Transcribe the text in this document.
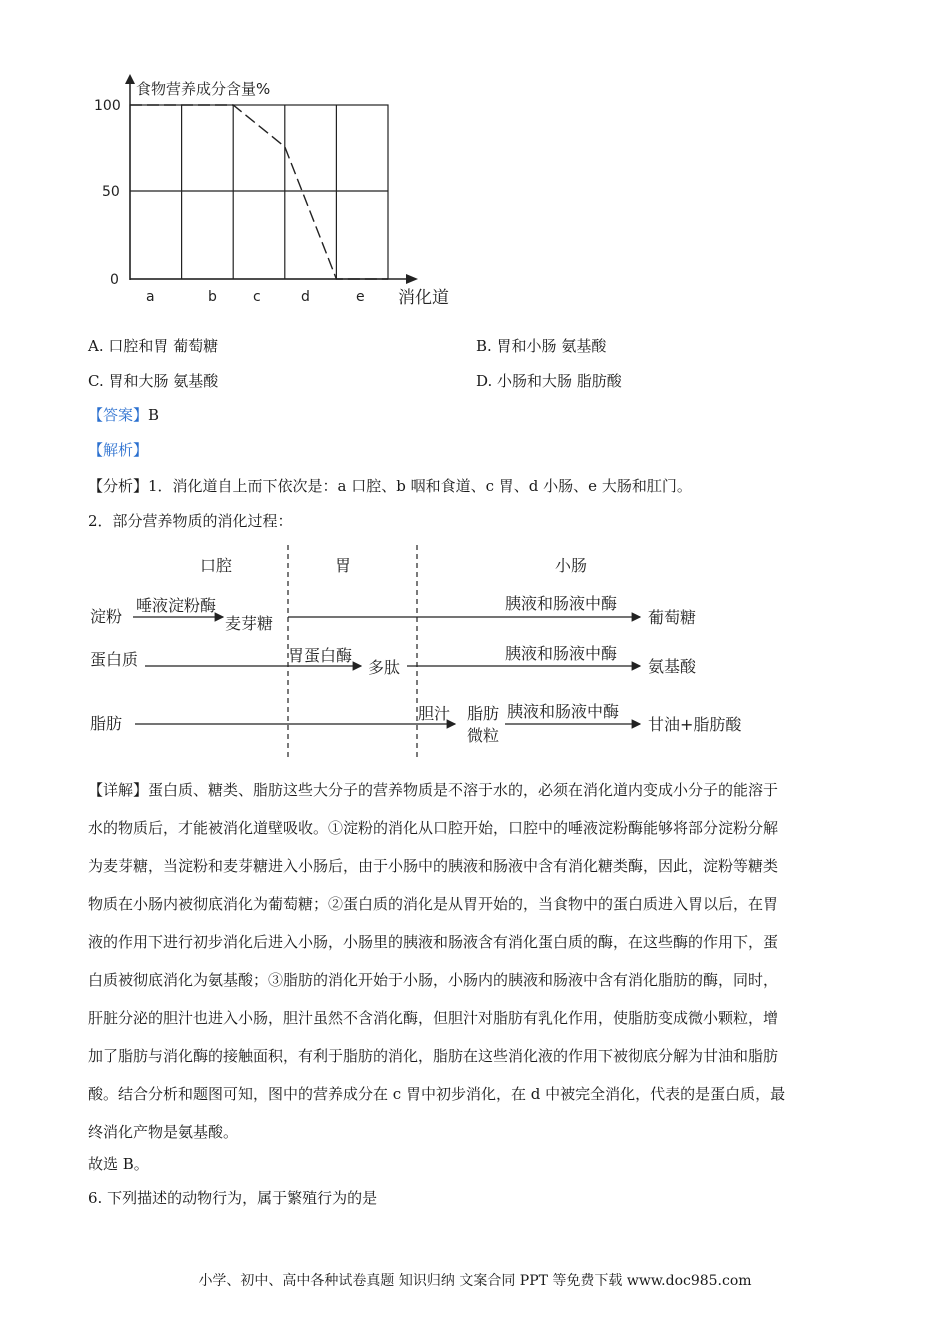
食物营养成分含量%
消化道
100
50
0
a	b	c	d	e
A. 口腔和胃 葡萄糖	B. 胃和小肠 氨基酸
C. 胃和大肠 氨基酸	D. 小肠和大肠 脂肪酸
【答案】B
【解析】
【分析】1．消化道自上而下依次是：a 口腔、b 咽和食道、c 胃、d 小肠、e 大肠和肛门。
2．部分营养物质的消化过程：
口腔	胃	小肠
淀粉
唾液淀粉酶
麦芽糖
胰液和肠液中酶
葡萄糖
蛋白质	胃蛋白酶
多肽
胰液和肠液中酶
氨基酸
脂肪
胆汁 脂肪
微粒
胰液和肠液中酶
甘油+脂肪酸
【详解】蛋白质、糖类、脂肪这些大分子的营养物质是不溶于水的，必须在消化道内变成小分子的能溶于
水的物质后，才能被消化道壁吸收。①淀粉的消化从口腔开始，口腔中的唾液淀粉酶能够将部分淀粉分解
为麦芽糖，当淀粉和麦芽糖进入小肠后，由于小肠中的胰液和肠液中含有消化糖类酶，因此，淀粉等糖类
物质在小肠内被彻底消化为葡萄糖；②蛋白质的消化是从胃开始的，当食物中的蛋白质进入胃以后，在胃
液的作用下进行初步消化后进入小肠，小肠里的胰液和肠液含有消化蛋白质的酶，在这些酶的作用下，蛋
白质被彻底消化为氨基酸；③脂肪的消化开始于小肠，小肠内的胰液和肠液中含有消化脂肪的酶，同时，
肝脏分泌的胆汁也进入小肠，胆汁虽然不含消化酶，但胆汁对脂肪有乳化作用，使脂肪变成微小颗粒，增
加了脂肪与消化酶的接触面积，有利于脂肪的消化，脂肪在这些消化液的作用下被彻底分解为甘油和脂肪
酸。结合分析和题图可知，图中的营养成分在 c 胃中初步消化，在 d 中被完全消化，代表的是蛋白质，最
终消化产物是氨基酸。
故选 B。
6. 下列描述的动物行为，属于繁殖行为的是
小学、初中、高中各种试卷真题 知识归纳 文案合同 PPT 等免费下载 www.doc985.com
